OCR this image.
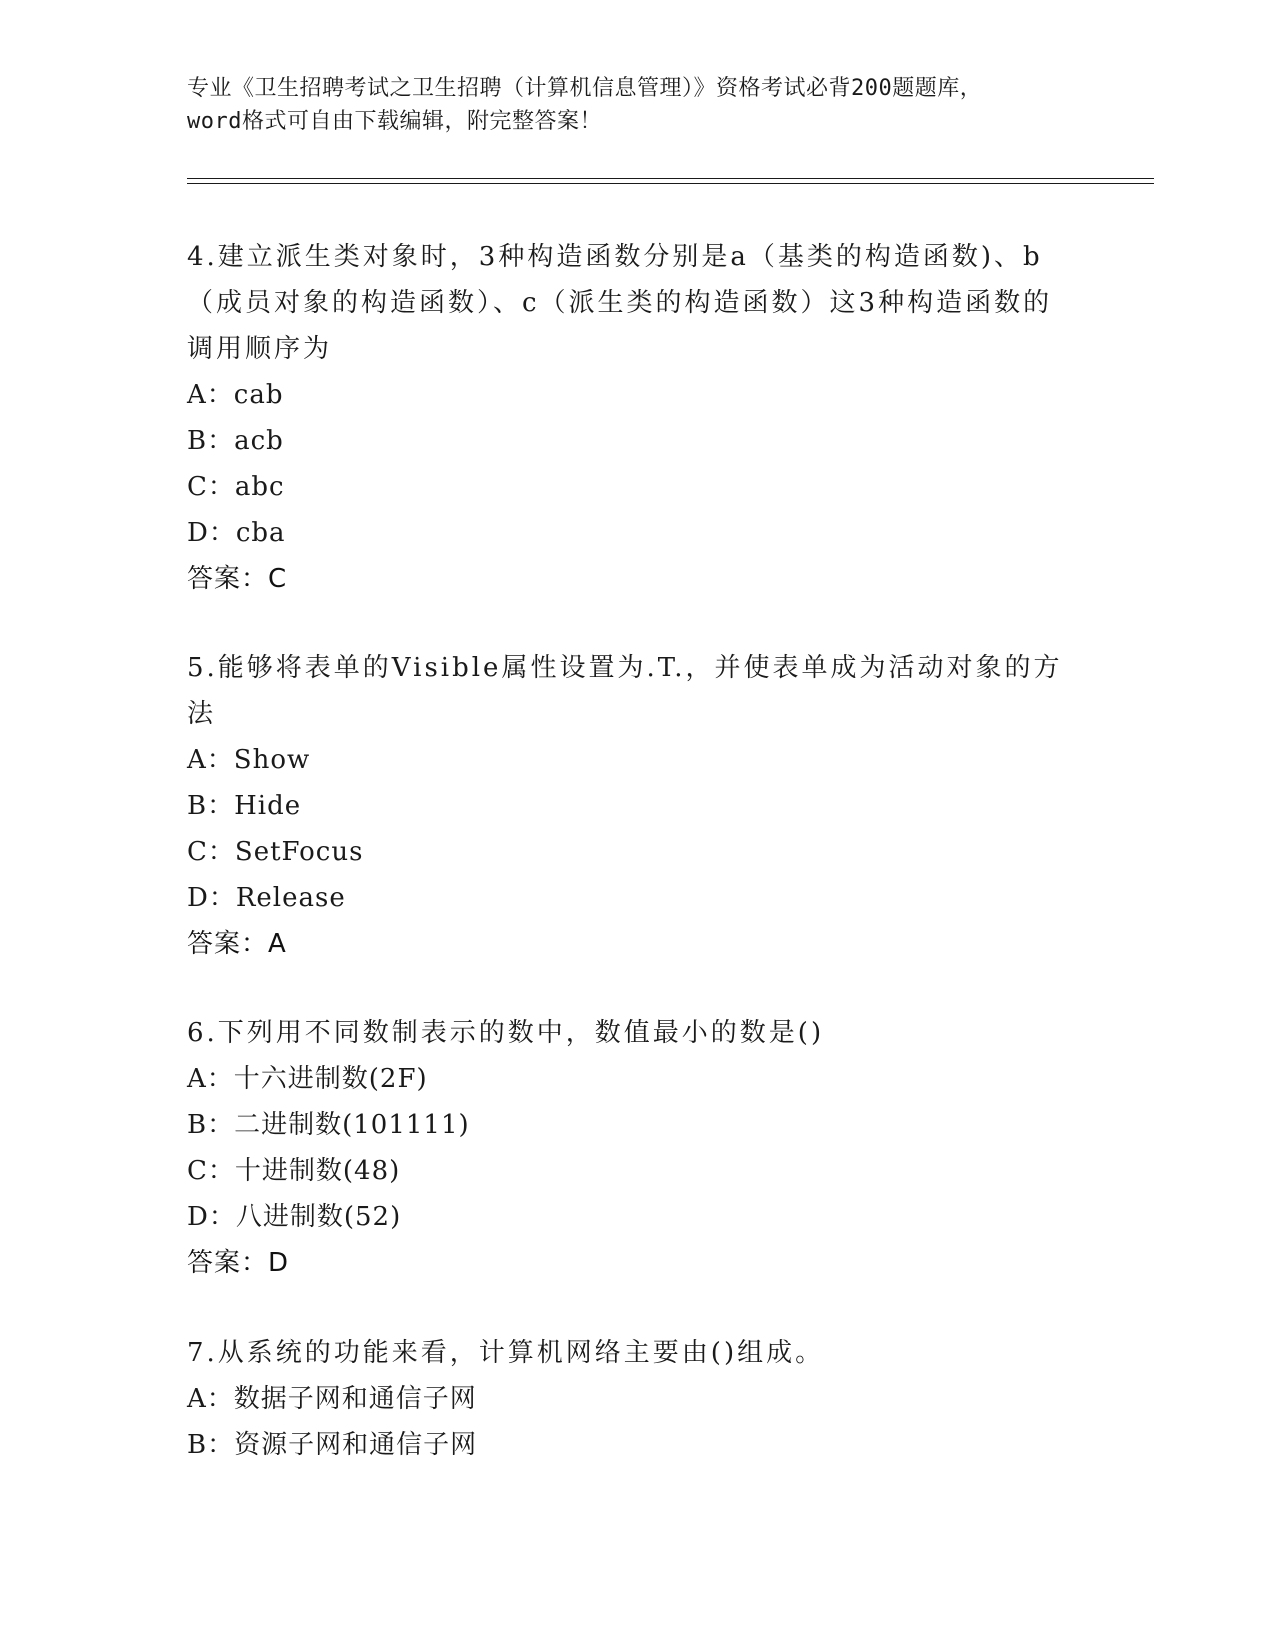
专业《卫生招聘考试之卫生招聘（计算机信息管理）》资格考试必背200题题库，
word格式可自由下载编辑，附完整答案！

4.建立派生类对象时，3种构造函数分别是a（基类的构造函数)、b（成员对象的构造函数）、c（派生类的构造函数）这3种构造函数的调用顺序为

A：cab

B：acb

C：abc

D：cba

答案：C

5.能够将表单的Visible属性设置为.T.，并使表单成为活动对象的方法

A：Show

B：Hide

C：SetFocus

D：Release

答案：A

6.下列用不同数制表示的数中，数值最小的数是()

A：十六进制数(2F)

B：二进制数(101111)

C：十进制数(48)

D：八进制数(52)

答案：D

7.从系统的功能来看，计算机网络主要由()组成。

A：数据子网和通信子网

B：资源子网和通信子网
